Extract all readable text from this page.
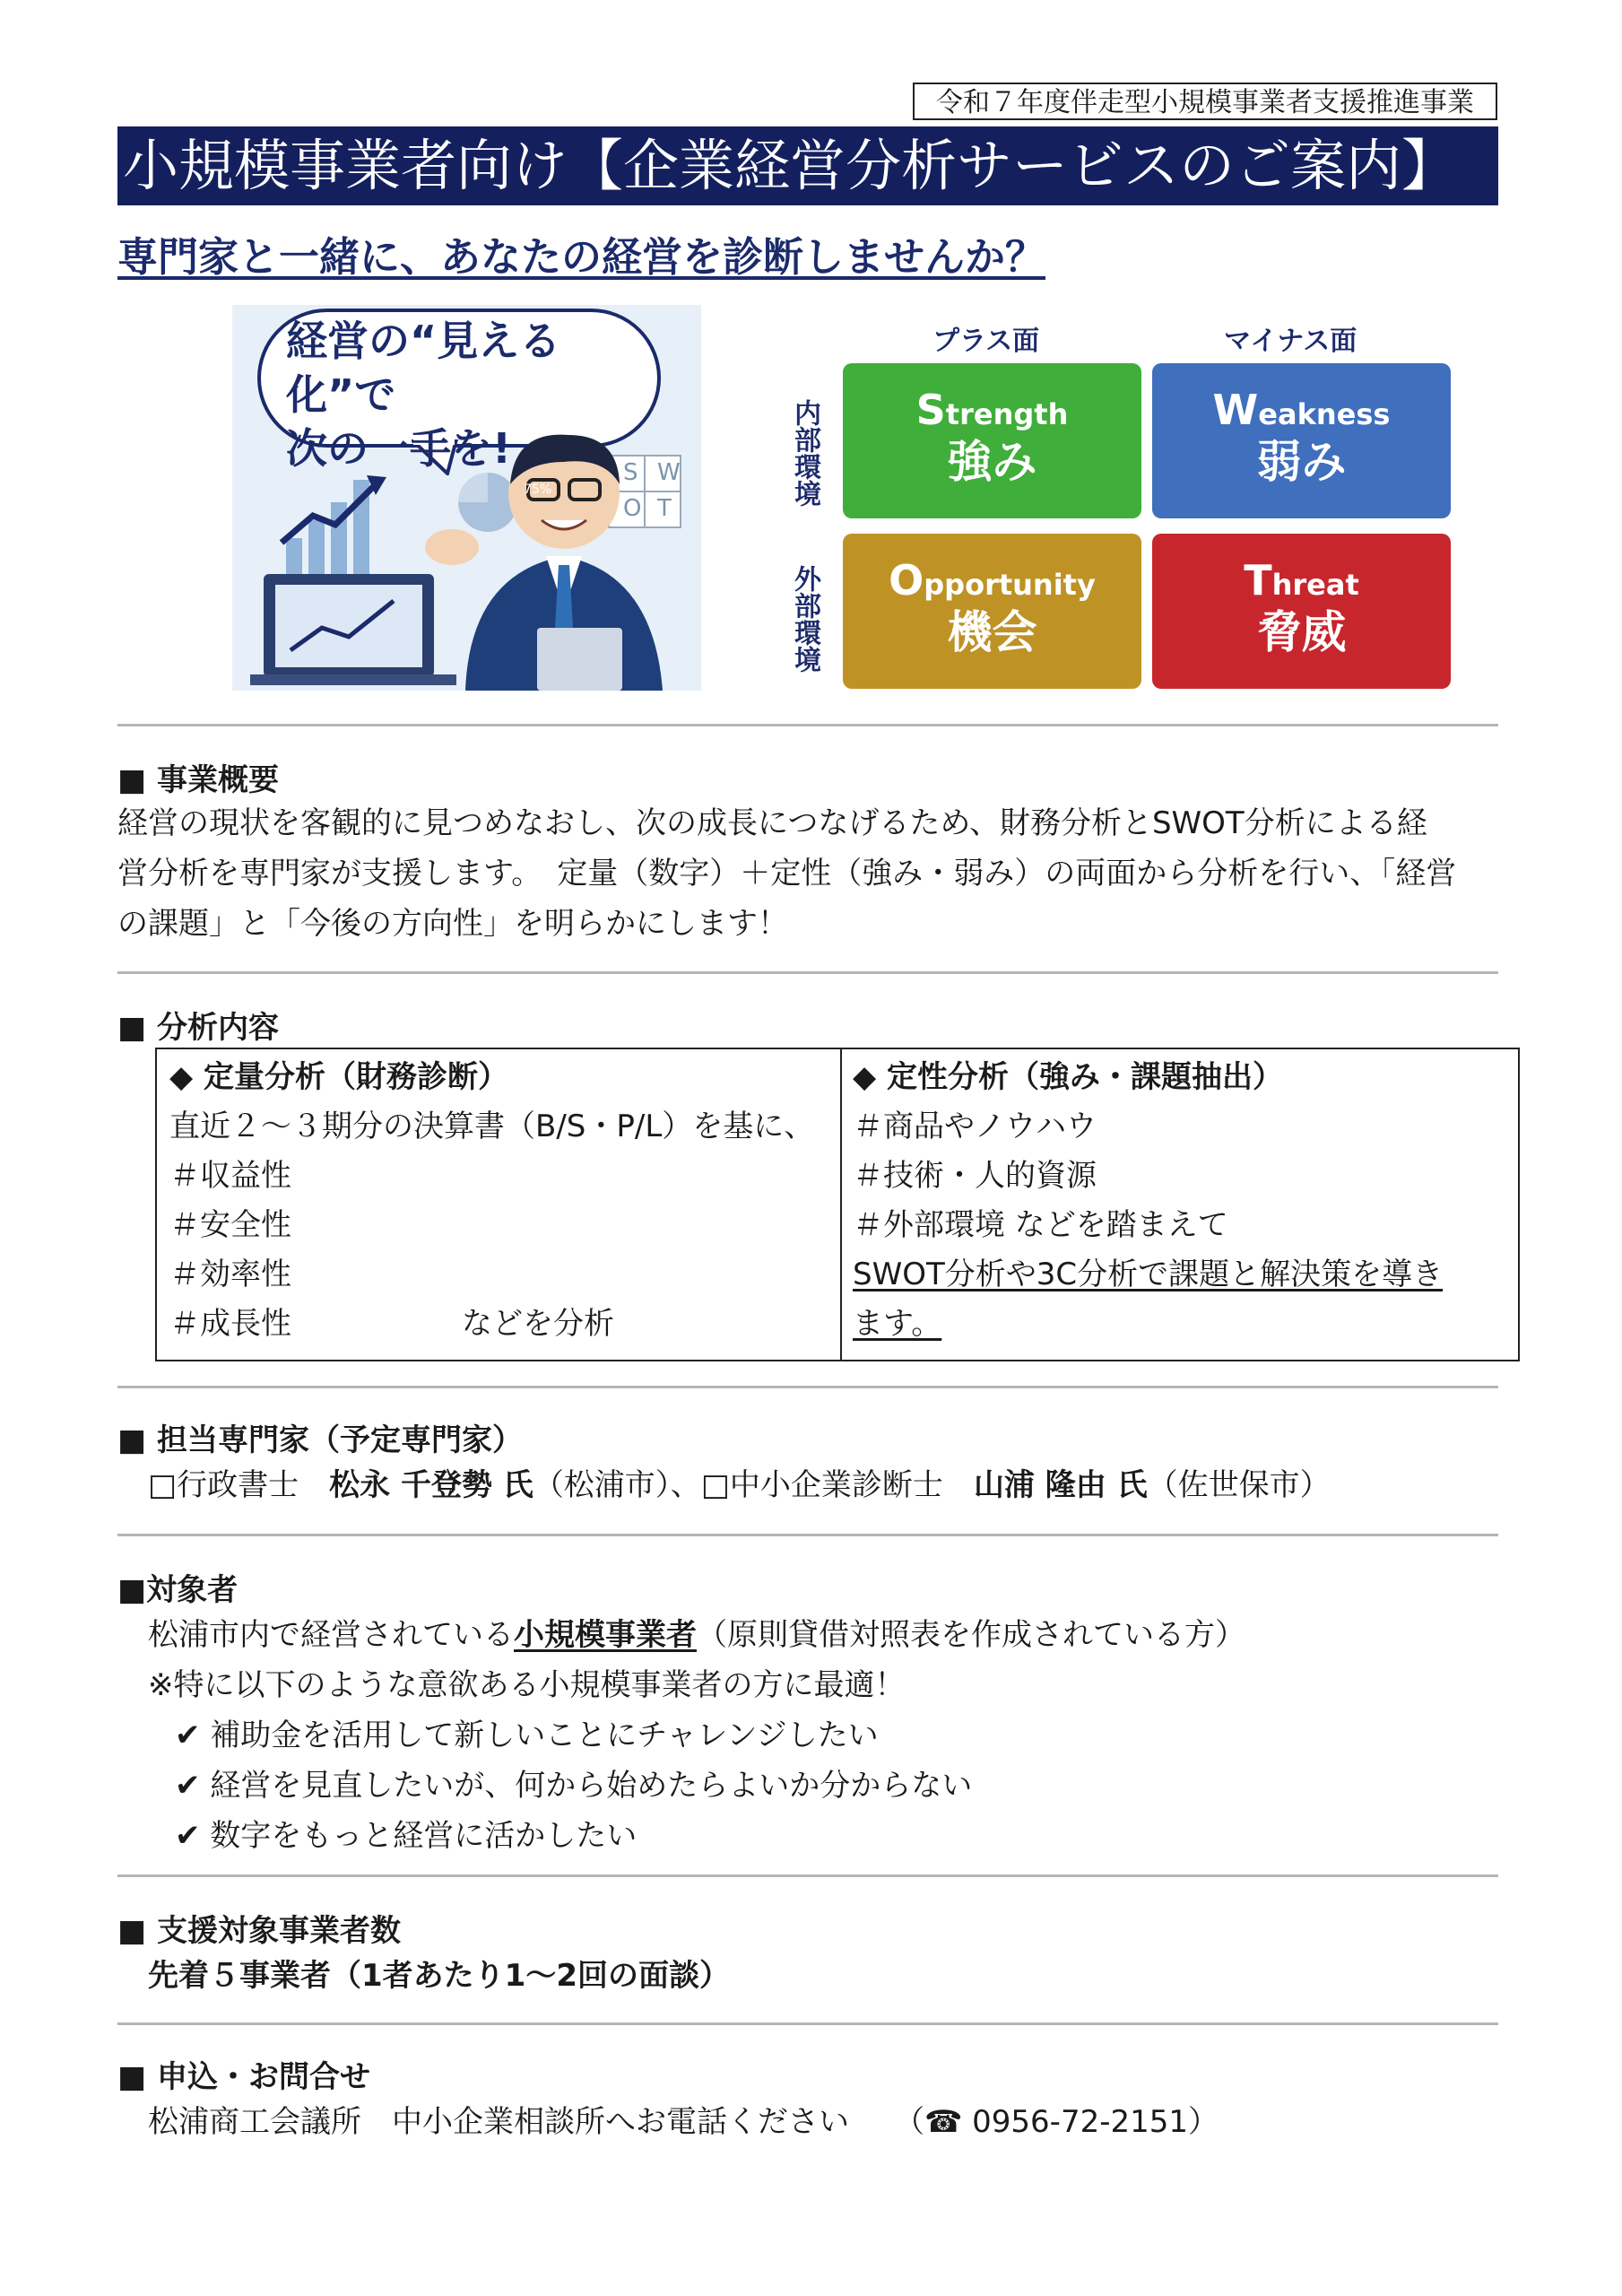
令和７年度伴走型小規模事業者支援推進事業
小規模事業者向け【企業経営分析サービスのご案内】
専門家と一緒に、あなたの経営を診断しませんか？
経営の“見える化”で
次の一手を!
75%
S W
O T
プラス面	マイナス面
内部環境
外部環境
Strength
強み
Weakness
弱み
Opportunity
機会
Threat
脅威
■ 事業概要
経営の現状を客観的に見つめなおし、次の成長につなげるため、財務分析とSWOT分析による経
営分析を専門家が支援します。　定量（数字）＋定性（強み・弱み）の両面から分析を行い、「経営
の課題」と「今後の方向性」を明らかにします！
■ 分析内容
◆ 定量分析（財務診断）
直近２〜３期分の決算書（B/S・P/L）を基に、
＃収益性
＃安全性
＃効率性
＃成長性	などを分析
◆ 定性分析（強み・課題抽出）
＃商品やノウハウ
＃技術・人的資源
＃外部環境 などを踏まえて
SWOT分析や3C分析で課題と解決策を導き
ます。
■ 担当専門家（予定専門家）
□行政書士 松永 千登勢 氏（松浦市）、□中小企業診断士 山浦 隆由 氏（佐世保市）
■対象者
松浦市内で経営されている小規模事業者（原則貸借対照表を作成されている方）
※特に以下のような意欲ある小規模事業者の方に最適！
✔ 補助金を活用して新しいことにチャレンジしたい
✔ 経営を見直したいが、何から始めたらよいか分からない
✔ 数字をもっと経営に活かしたい
■ 支援対象事業者数
先着５事業者（1者あたり1〜2回の面談）
■ 申込・お問合せ
松浦商工会議所　中小企業相談所へお電話ください （☎ 0956-72-2151）
